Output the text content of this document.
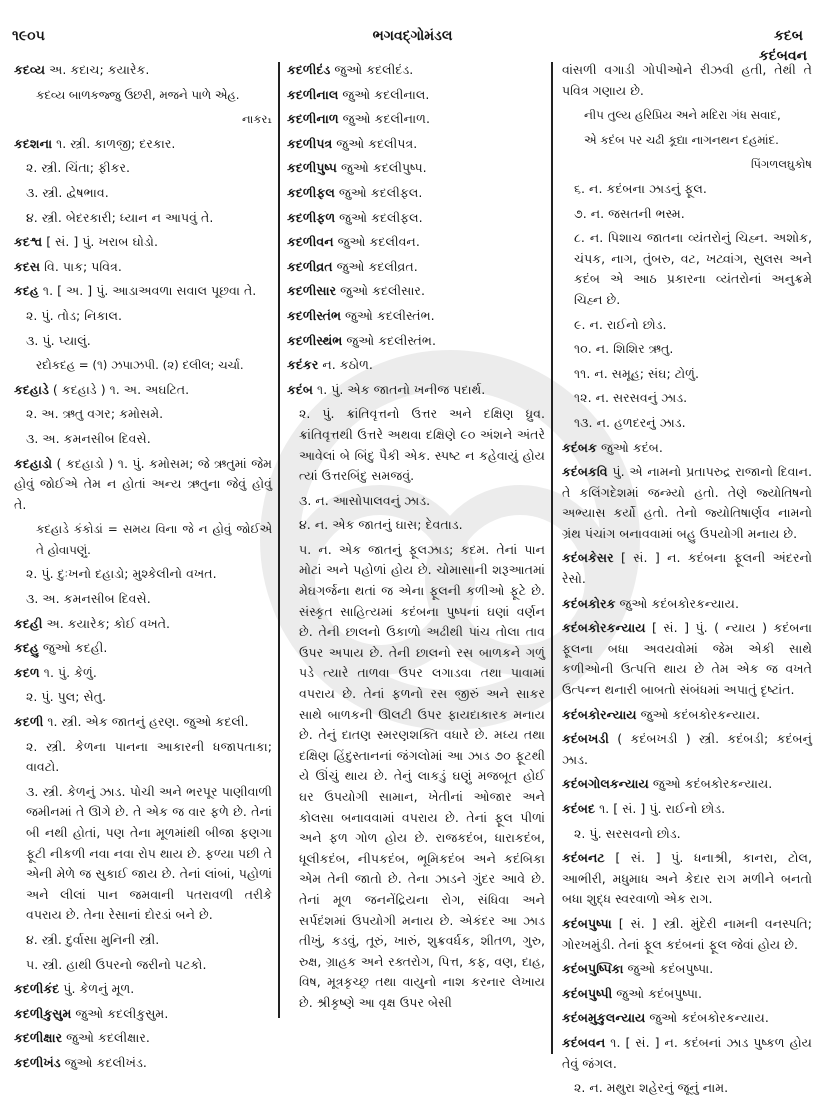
૧૯૦૫	ભગવદ્ગોમંડલ	કદબ
કદંબવન
કદવ્ય અ. કદાચ; કયારેક.
કદવ્ય બાળકજ્જુ ઉછરી, મજને પાળે એહ.
નાકર₁
કદશના ૧. સ્ત્રી. કાળજી; દરકાર.
૨. સ્ત્રી. ચિંતા; ફીકર.
૩. સ્ત્રી. દ્વેષભાવ.
૪. સ્ત્રી. બેદરકારી; ધ્યાન ન આપવું તે.
કદશ્વ [ સં. ] પું. ખરાબ ઘોડો.
કદસ વિ. પાક; પવિત્ર.
કદહ ૧. [ અ. ] પું. આડાઅવળા સવાલ પૂછવા તે.
૨. પું. તોડ; નિકાલ.
૩. પું. પ્યાલું.
રદોકદહ = (૧) ઝપાઝપી. (૨) દલીલ; ચર્ચા.
કદહાડે ( કદહાડે ) ૧. અ. અઘટિત.
૨. અ. ઋતુ વગર; કમોસમે.
૩. અ. કમનસીબ દિવસે.
કદહાડો ( કદહાડો ) ૧. પું. કમોસમ; જે ઋતુમાં જેમ હોવું જોઈએ તેમ ન હોતાં અન્ય ઋતુના જેવું હોવું તે.
કદહાડે કંકોડાં = સમય વિના જે ન હોવું જોઈએ તે હોવાપણું.
૨. પું. દુઃખનો દહાડો; મુશ્કેલીનો વખત.
૩. અ. કમનસીબ દિવસે.
કદહી અ. કયારેક; કોઈ વખતે.
કદહુ જુઓ કદહી.
કદળ ૧. પું. કેળું.
૨. પું. પુલ; સેતુ.
કદળી ૧. સ્ત્રી. એક જાતનું હરણ. જુઓ કદલી.
૨. સ્ત્રી. કેળના પાનના આકારની ધજાપતાકા; વાવટો.
૩. સ્ત્રી. કેળનું ઝાડ. પોચી અને ભરપૂર પાણીવાળી જમીનમાં તે ઊગે છે. તે એક જ વાર ફળે છે. તેનાં બી નથી હોતાં, પણ તેના મૂળમાંથી બીજા ફણગા ફૂટી નીકળી નવા નવા રોપ થાય છે. ફળ્યા પછી તે એની મેળે જ સુકાઈ જાય છે. તેનાં લાંબાં, પહોળાં અને લીલાં પાન જમવાની પતરાવળી તરીકે વપરાય છે. તેના રેસાનાં દોરડાં બને છે.
૪. સ્ત્રી. દુર્વાસા મુનિની સ્ત્રી.
૫. સ્ત્રી. હાથી ઉપરનો જરીનો પટકો.
કદળીકંદ પું. કેળનું મૂળ.
કદળીકુસુમ જુઓ કદલીકુસુમ.
કદળીક્ષાર જુઓ કદલીક્ષાર.
કદળીખંડ જુઓ કદલીખંડ.
કદળીદંડ જુઓ કદલીદંડ.
કદળીનાલ જુઓ કદલીનાલ.
કદળીનાળ જુઓ કદલીનાળ.
કદળીપત્ર જુઓ કદલીપત્ર.
કદળીપુષ્પ જુઓ કદલીપુષ્પ.
કદળીફલ જુઓ કદલીફલ.
કદળીફળ જુઓ કદલીફલ.
કદળીવન જુઓ કદલીવન.
કદળીવ્રત જુઓ કદલીવ્રત.
કદળીસાર જુઓ કદલીસાર.
કદળીસ્તંભ જુઓ કદલીસ્તંભ.
કદળીસ્થંભ જુઓ કદલીસ્તંભ.
કદંકર ન. કઠોળ.
કદંબ ૧. પું. એક જાતનો ખનીજ પદાર્થ.
૨. પું. ક્રાંતિવૃત્તનો ઉત્તર અને દક્ષિણ ધ્રુવ. ક્રાંતિવૃત્તથી ઉત્તરે અથવા દક્ષિણે ૯૦ અંશને અંતરે આવેલાં બે બિંદુ પૈકી એક. સ્પષ્ટ ન કહેવાયું હોય ત્યાં ઉત્તરબિંદુ સમજવું.
૩. ન. આસોપાલવનું ઝાડ.
૪. ન. એક જાતનું ઘાસ; દેવતાડ.
૫. ન. એક જાતનું ફૂલઝાડ; કદમ. તેનાં પાન મોટાં અને પહોળાં હોય છે. ચોમાસાની શરૂઆતમાં મેઘગર્જના થતાં જ એના ફૂલની કળીઓ ફૂટે છે. સંસ્કૃત સાહિત્યમાં કદંબના પુષ્પનાં ઘણાં વર્ણન છે. તેની છાલનો ઉકાળો અઢીથી પાંચ તોલા તાવ ઉપર અપાય છે. તેની છાલનો રસ બાળકને ગળું પડે ત્યારે તાળવા ઉપર લગાડવા તથા પાવામાં વપરાય છે. તેનાં ફળનો રસ જીરું અને સાકર સાથે બાળકની ઊલટી ઉપર ફાયદાકારક મનાય છે. તેનું દાતણ સ્મરણશક્તિ વધારે છે. મધ્ય તથા દક્ષિણ હિંદુસ્તાનનાં જંગલોમાં આ ઝાડ ૭૦ ફૂટથી યે ઊંચું થાય છે. તેનું લાકડું ઘણું મજબૂત હોઈ ઘર ઉપયોગી સામાન, ખેતીનાં ઓજાર અને કોલસા બનાવવામાં વપરાય છે. તેનાં ફૂલ પીળાં અને ફળ ગોળ હોય છે. રાજકદંબ, ધારાકદંબ, ધૂલીકદંબ, નીપકદંબ, ભૂમિકદંબ અને કદંબિકા એમ તેની જાતો છે. તેના ઝાડને ગુંદર આવે છે. તેનાં મૂળ જનનેંદ્રિયના રોગ, સંધિવા અને સર્પદંશમાં ઉપયોગી મનાય છે. એકંદર આ ઝાડ તીખું, કડવું, તૂરું, ખારું, શુક્રવર્ધક, શીતળ, ગુરુ, રુક્ષ, ગ્રાહક અને રક્તરોગ, પિત્ત, કફ, વણ, દાહ, વિષ, મૂત્રકૃચ્છ્ર તથા વાયુનો નાશ કરનાર લેખાય છે. શ્રીકૃષ્ણે આ વૃક્ષ ઉપર બેસી
વાંસળી વગાડી ગોપીઓને રીઝવી હતી, તેથી તે પવિત્ર ગણાય છે.
નીપ તુલ્ય હરિપ્રિય અને મદિરા ગંધ સવાદ,
એ કદંબ પર ચઢી કૂદ્યા નાગનથન દહમાંદ.
પિંગળલઘુકોષ
૬. ન. કદંબના ઝાડનું ફૂલ.
૭. ન. જસતની ભસ્મ.
૮. ન. પિશાચ જાતના વ્યંતરોનું ચિહ્ન. અશોક, ચંપક, નાગ, તુંબરુ, વટ, ખટ્વાંગ, સુલસ અને કદંબ એ આઠ પ્રકારના વ્યંતરોનાં અનુક્રમે ચિહ્ન છે.
૯. ન. રાઈનો છોડ.
૧૦. ન. શિશિર ઋતુ.
૧૧. ન. સમૂહ; સંઘ; ટોળું.
૧૨. ન. સરસવનું ઝાડ.
૧૩. ન. હળદરનું ઝાડ.
કદંબક જુઓ કદંબ.
કદંબકવિ પું. એ નામનો પ્રતાપરુદ્ર રાજાનો દિવાન. તે કલિંગદેશમાં જન્મ્યો હતો. તેણે જ્યોતિષનો અભ્યાસ કર્યો હતો. તેનો જ્યોતિષાર્ણવ નામનો ગ્રંથ પંચાંગ બનાવવામાં બહુ ઉપયોગી મનાય છે.
કદંબકેસર [ સં. ] ન. કદંબના ફૂલની અંદરનો રેસો.
કદંબકોરક જુઓ કદંબકોરકન્યાય.
કદંબકોરકન્યાય [ સં. ] પું. ( ન્યાય ) કદંબના ફૂલના બધા અવયવોમાં જેમ એકી સાથે કળીઓની ઉત્પત્તિ થાય છે તેમ એક જ વખતે ઉત્પન્ન થનારી બાબતો સંબંધમાં અપાતું દૃષ્ટાંત.
કદંબકોરન્યાય જુઓ કદંબકોરકન્યાય.
કદંબખડી ( કદંબખડી ) સ્ત્રી. કદંબડી; કદંબનું ઝાડ.
કદંબગોલકન્યાય જુઓ કદંબકોરકન્યાય.
કદંબદ ૧. [ સં. ] પું. રાઈનો છોડ.
૨. પું. સરસવનો છોડ.
કદંબનટ [ સં. ] પું. ધનાશ્રી, કાનરા, ટોલ, આભીરી, મધુમાધ અને કેદાર રાગ મળીને બનતો બધા શુદ્ધ સ્વરવાળો એક રાગ.
કદંબપુષ્પા [ સં. ] સ્ત્રી. મુંદેરી નામની વનસ્પતિ; ગોરખમુંડી. તેનાં ફૂલ કદંબનાં ફૂલ જેવાં હોય છે.
કદંબપુષ્પિકા જુઓ કદંબપુષ્પા.
કદંબપુષ્પી જુઓ કદંબપુષ્પા.
કદંબમુકુલન્યાય જુઓ કદંબકોરકન્યાય.
કદંબવન ૧. [ સં. ] ન. કદંબનાં ઝાડ પુષ્કળ હોય તેવું જંગલ.
૨. ન. મથુરા શહેરનું જૂનું નામ.
